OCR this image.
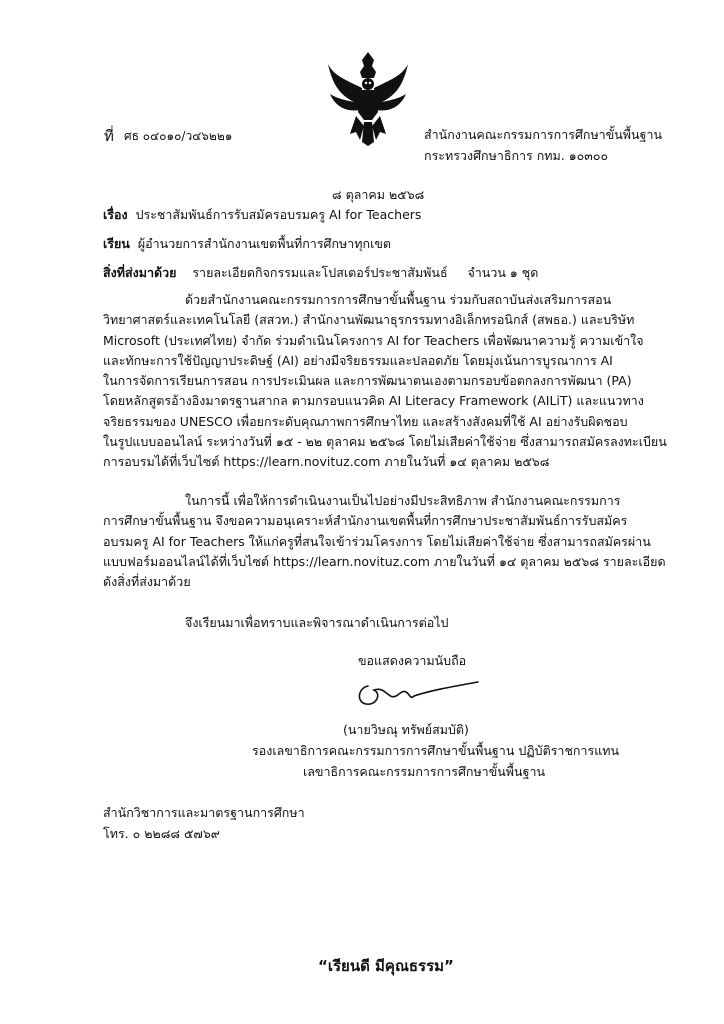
ที่ ศธ ๐๔๐๑๐/ว๔๖๒๒๑	สำนักงานคณะกรรมการการศึกษาขั้นพื้นฐาน
กระทรวงศึกษาธิการ กทม. ๑๐๓๐๐
๘ ตุลาคม ๒๕๖๘
เรื่อง ประชาสัมพันธ์การรับสมัครอบรมครู AI for Teachers
เรียน ผู้อำนวยการสำนักงานเขตพื้นที่การศึกษาทุกเขต
สิ่งที่ส่งมาด้วย รายละเอียดกิจกรรมและโปสเตอร์ประชาสัมพันธ์ จำนวน ๑ ชุด
ด้วยสำนักงานคณะกรรมการการศึกษาขั้นพื้นฐาน ร่วมกับสถาบันส่งเสริมการสอน
วิทยาศาสตร์และเทคโนโลยี (สสวท.) สำนักงานพัฒนาธุรกรรมทางอิเล็กทรอนิกส์ (สพธอ.) และบริษัท
Microsoft (ประเทศไทย) จำกัด ร่วมดำเนินโครงการ AI for Teachers เพื่อพัฒนาความรู้ ความเข้าใจ
และทักษะการใช้ปัญญาประดิษฐ์ (AI) อย่างมีจริยธรรมและปลอดภัย โดยมุ่งเน้นการบูรณาการ AI
ในการจัดการเรียนการสอน การประเมินผล และการพัฒนาตนเองตามกรอบข้อตกลงการพัฒนา (PA)
โดยหลักสูตรอ้างอิงมาตรฐานสากล ตามกรอบแนวคิด AI Literacy Framework (AILiT) และแนวทาง
จริยธรรมของ UNESCO เพื่อยกระดับคุณภาพการศึกษาไทย และสร้างสังคมที่ใช้ AI อย่างรับผิดชอบ
ในรูปแบบออนไลน์ ระหว่างวันที่ ๑๕ - ๒๒ ตุลาคม ๒๕๖๘ โดยไม่เสียค่าใช้จ่าย ซึ่งสามารถสมัครลงทะเบียน
การอบรมได้ที่เว็บไซต์ https://learn.novituz.com ภายในวันที่ ๑๔ ตุลาคม ๒๕๖๘
ในการนี้ เพื่อให้การดำเนินงานเป็นไปอย่างมีประสิทธิภาพ สำนักงานคณะกรรมการ
การศึกษาขั้นพื้นฐาน จึงขอความอนุเคราะห์สำนักงานเขตพื้นที่การศึกษาประชาสัมพันธ์การรับสมัคร
อบรมครู AI for Teachers ให้แก่ครูที่สนใจเข้าร่วมโครงการ โดยไม่เสียค่าใช้จ่าย ซึ่งสามารถสมัครผ่าน
แบบฟอร์มออนไลน์ได้ที่เว็บไซต์ https://learn.novituz.com ภายในวันที่ ๑๔ ตุลาคม ๒๕๖๘ รายละเอียด
ดังสิ่งที่ส่งมาด้วย
จึงเรียนมาเพื่อทราบและพิจารณาดำเนินการต่อไป
ขอแสดงความนับถือ
(นายวิษณุ ทรัพย์สมบัติ)
รองเลขาธิการคณะกรรมการการศึกษาขั้นพื้นฐาน ปฏิบัติราชการแทน
เลขาธิการคณะกรรมการการศึกษาขั้นพื้นฐาน
สำนักวิชาการและมาตรฐานการศึกษา
โทร. ๐ ๒๒๘๘ ๕๗๖๙
“เรียนดี มีคุณธรรม”
